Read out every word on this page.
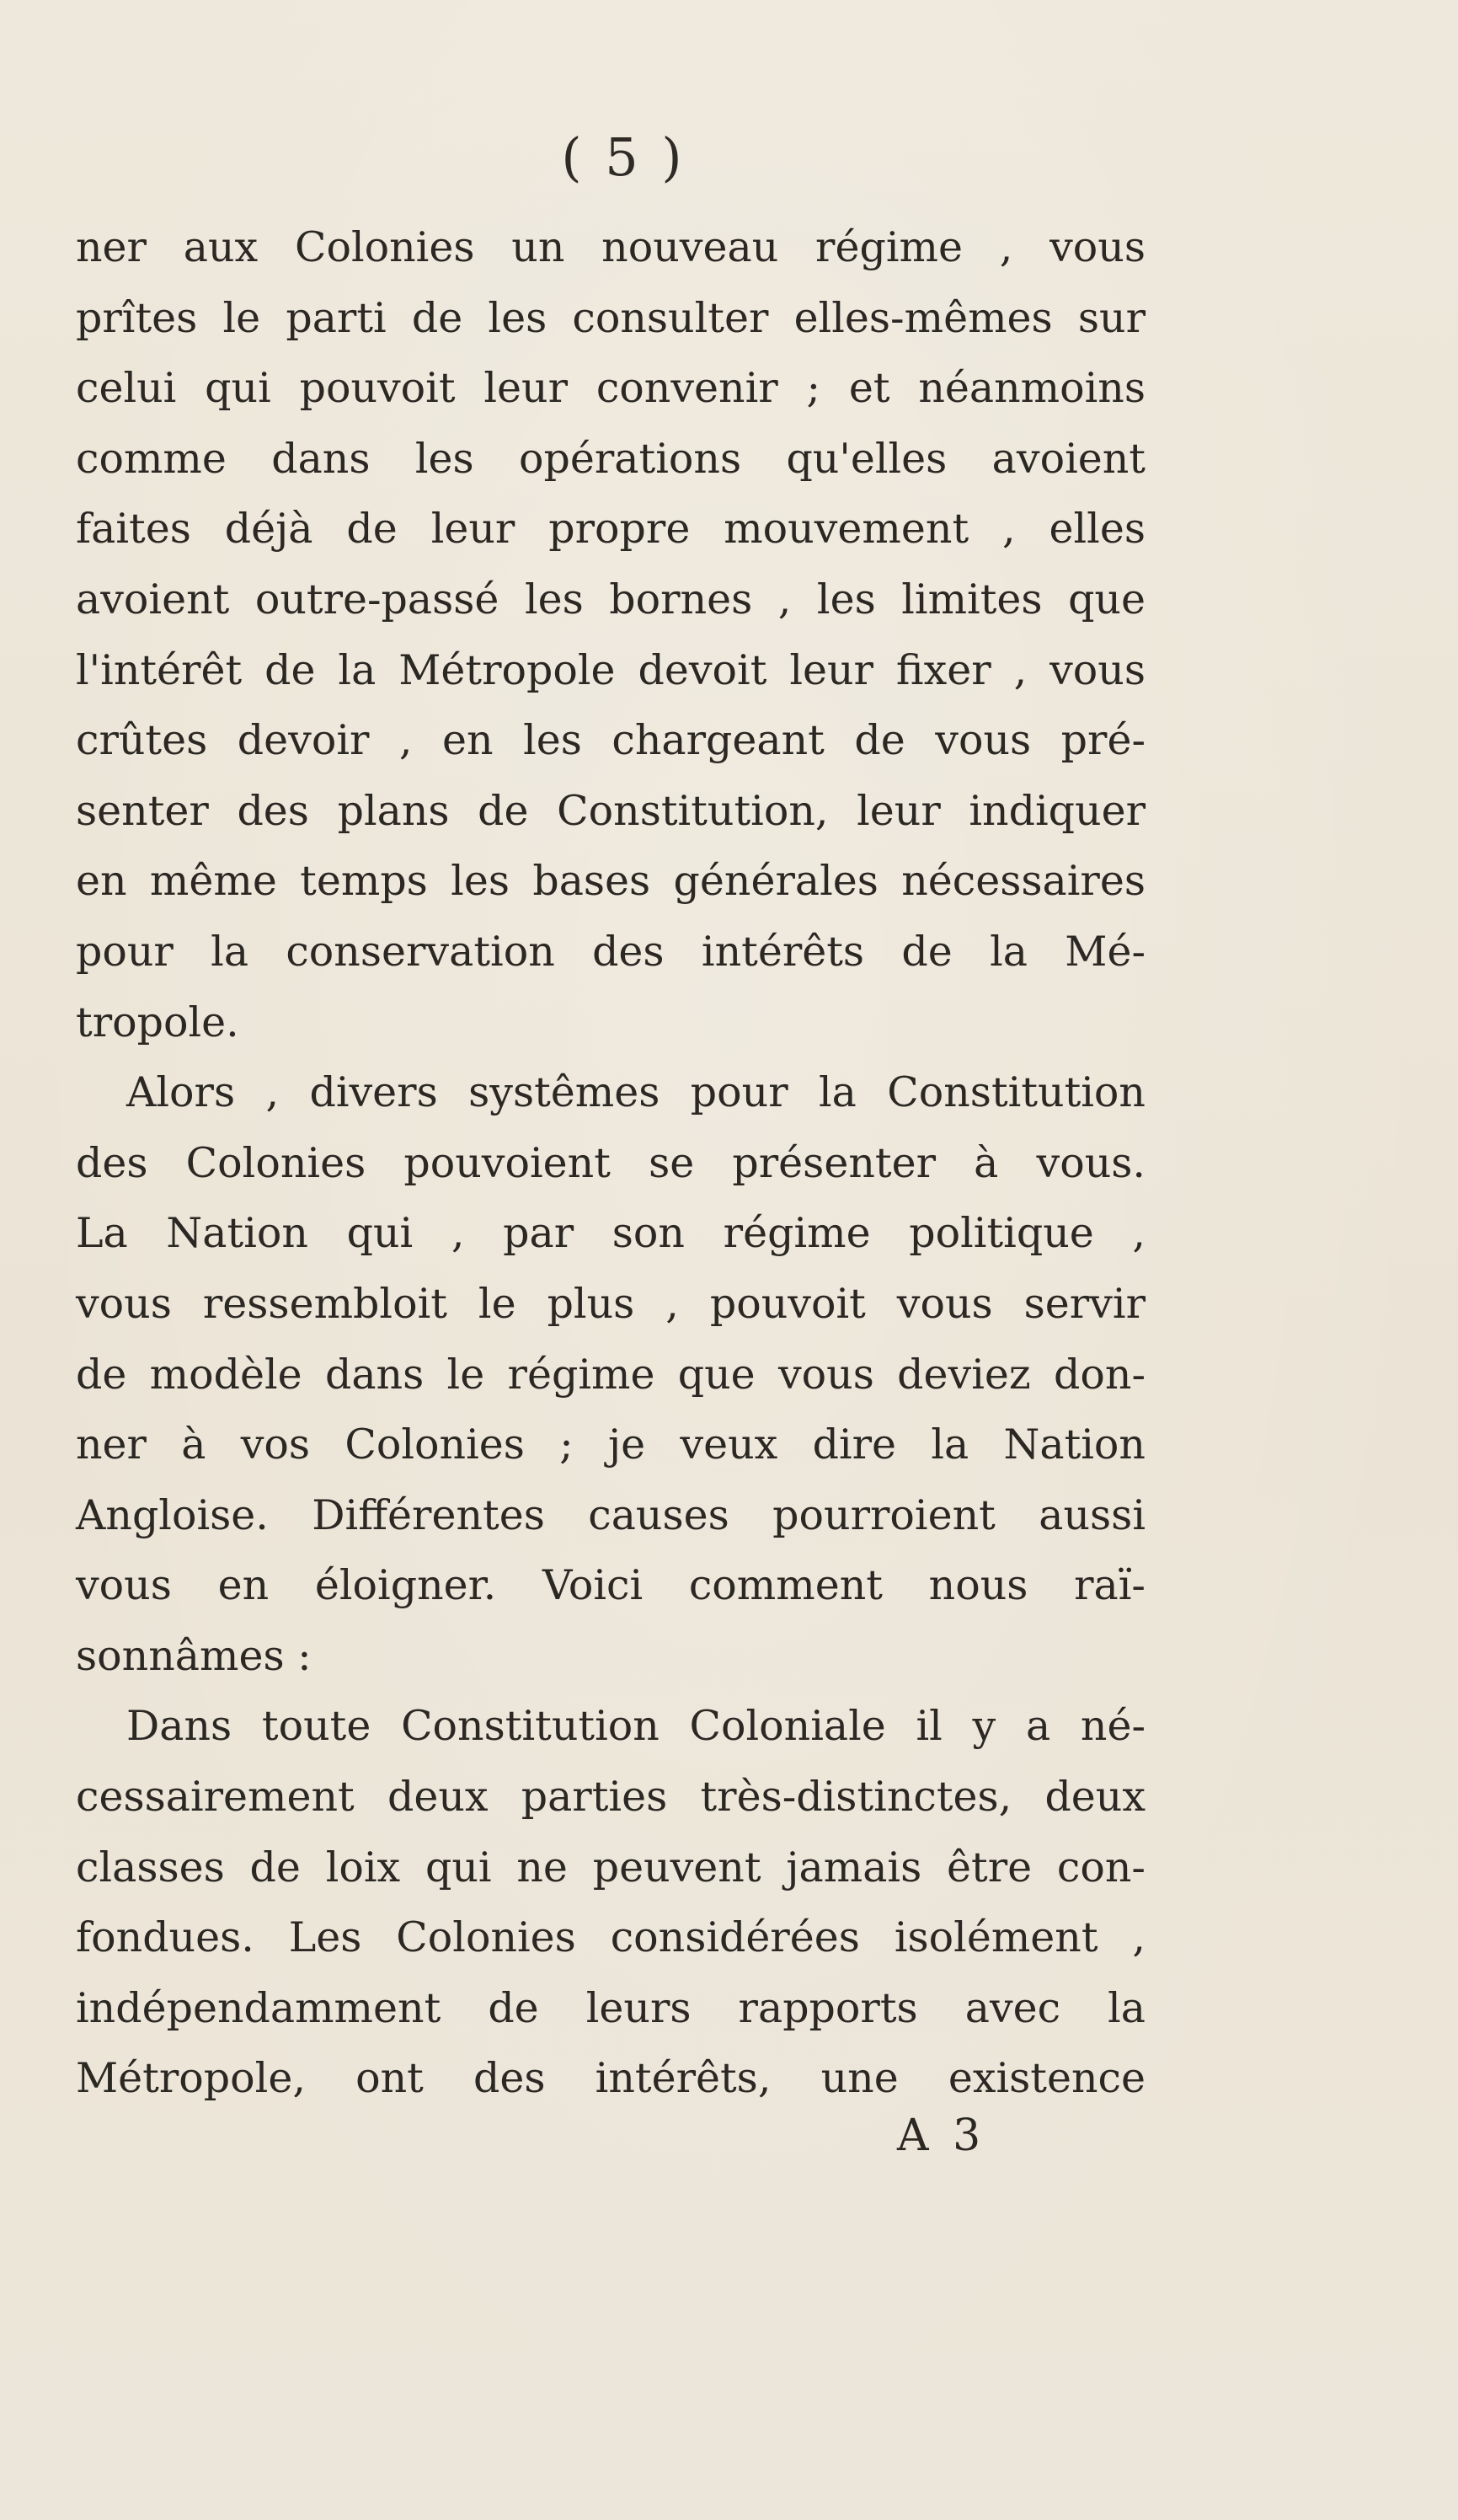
( 5 )
ner aux Colonies un nouveau régime , vous
prîtes le parti de les consulter elles-mêmes sur
celui qui pouvoit leur convenir ; et néanmoins
comme dans les opérations qu'elles avoient
faites déjà de leur propre mouvement , elles
avoient outre-passé les bornes , les limites que
l'intérêt de la Métropole devoit leur fixer , vous
crûtes devoir , en les chargeant de vous pré-
senter des plans de Constitution, leur indiquer
en même temps les bases générales nécessaires
pour la conservation des intérêts de la Mé-
tropole.
Alors , divers systêmes pour la Constitution
des Colonies pouvoient se présenter à vous.
La Nation qui , par son régime politique ,
vous ressembloit le plus , pouvoit vous servir
de modèle dans le régime que vous deviez don-
ner à vos Colonies ; je veux dire la Nation
Angloise. Différentes causes pourroient aussi
vous en éloigner. Voici comment nous raï-
sonnâmes :
Dans toute Constitution Coloniale il y a né-
cessairement deux parties très-distinctes, deux
classes de loix qui ne peuvent jamais être con-
fondues. Les Colonies considérées isolément ,
indépendamment de leurs rapports avec la
Métropole, ont des intérêts, une existence
A 3
